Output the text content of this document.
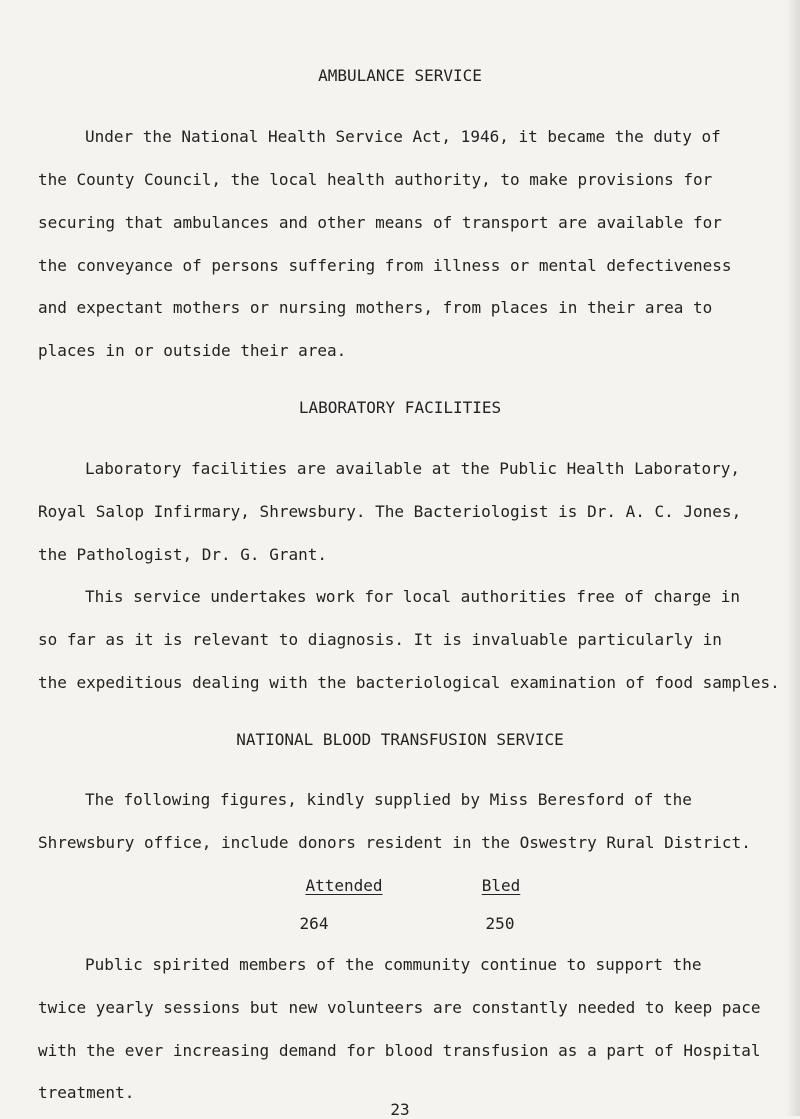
AMBULANCE SERVICE
Under the National Health Service Act, 1946, it became the duty of
the County Council, the local health authority, to make provisions for
securing that ambulances and other means of transport are available for
the conveyance of persons suffering from illness or mental defectiveness
and expectant mothers or nursing mothers, from places in their area to
places in or outside their area.
LABORATORY FACILITIES
Laboratory facilities are available at the Public Health Laboratory,
Royal Salop Infirmary, Shrewsbury. The Bacteriologist is Dr. A. C. Jones,
the Pathologist, Dr. G. Grant.
This service undertakes work for local authorities free of charge in
so far as it is relevant to diagnosis. It is invaluable particularly in
the expeditious dealing with the bacteriological examination of food samples.
NATIONAL BLOOD TRANSFUSION SERVICE
The following figures, kindly supplied by Miss Beresford of the
Shrewsbury office, include donors resident in the Oswestry Rural District.
Attended	Bled
264	250
Public spirited members of the community continue to support the
twice yearly sessions but new volunteers are constantly needed to keep pace
with the ever increasing demand for blood transfusion as a part of Hospital
treatment.
23
